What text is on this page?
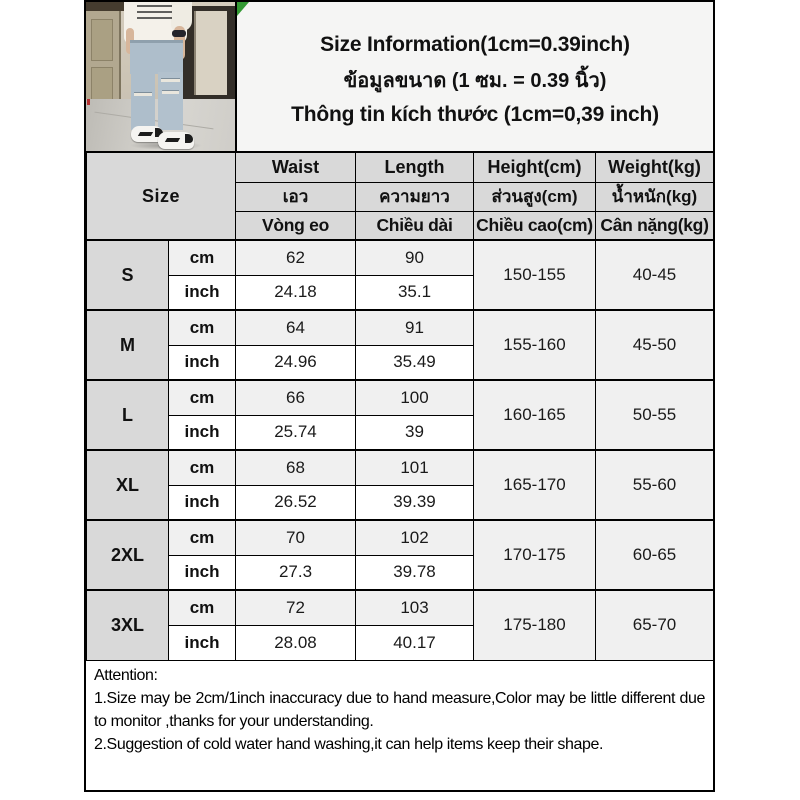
Size Information(1cm=0.39inch)
ข้อมูลขนาด (1 ซม. = 0.39 นิ้ว)
Thông tin kích thước (1cm=0,39 inch)
Size		Waist	Length	Height(cm)	Weight(kg)
		เอว	ความยาว	ส่วนสูง(cm)	น้ำหนัก(kg)
		Vòng eo	Chiều dài	Chiều cao(cm)	Cân nặng(kg)
S	cm	62	90	150-155	40-45
	inch	24.18	35.1		
M	cm	64	91	155-160	45-50
	inch	24.96	35.49		
L	cm	66	100	160-165	50-55
	inch	25.74	39		
XL	cm	68	101	165-170	55-60
	inch	26.52	39.39		
2XL	cm	70	102	170-175	60-65
	inch	27.3	39.78		
3XL	cm	72	103	175-180	65-70
	inch	28.08	40.17		
Attention:
1.Size may be 2cm/1inch inaccuracy due to hand measure,Color may be little different due to monitor ,thanks for your understanding.
2.Suggestion of cold water hand washing,it can help items keep their shape.
